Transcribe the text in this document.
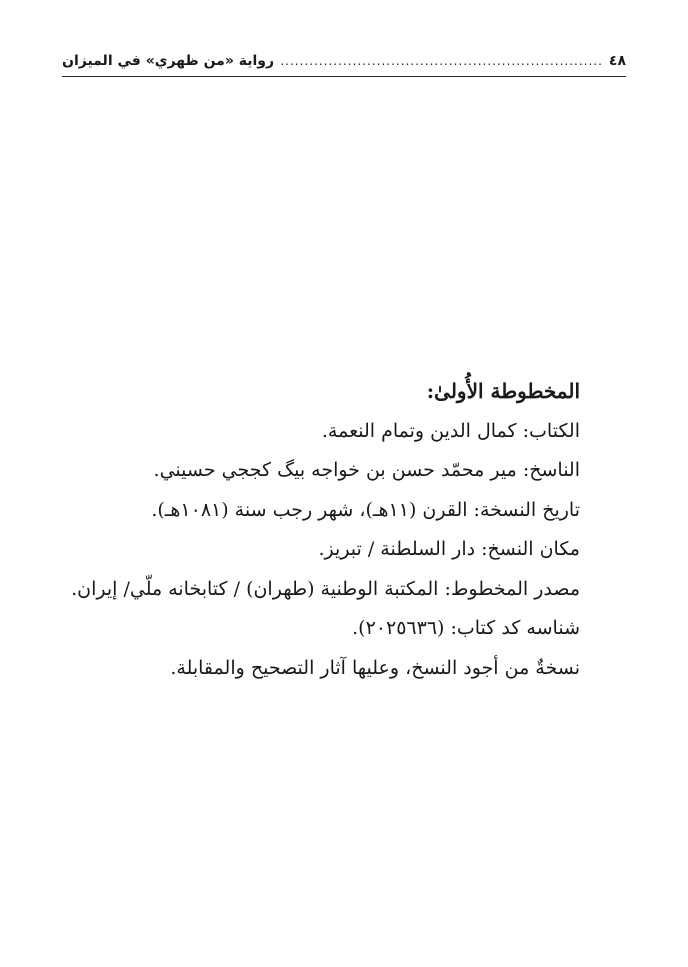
٤٨
.....
رواية «من ظهري» في الميزان

المخطوطة الأُولىٰ:

الكتاب: كمال الدين وتمام النعمة.

الناسخ: مير محمّد حسن بن خواجه بيگ كججي حسيني.

تاريخ النسخة: القرن (١١هـ)، شهر رجب سنة (١٠٨١هـ).

مكان النسخ: دار السلطنة / تبريز.

مصدر المخطوط: المكتبة الوطنية (طهران) / كتابخانه ملّي/ إيران.

شناسه كد كتاب: (٢٠٢٥٦٣٦).

نسخةٌ من أجود النسخ، وعليها آثار التصحيح والمقابلة.
